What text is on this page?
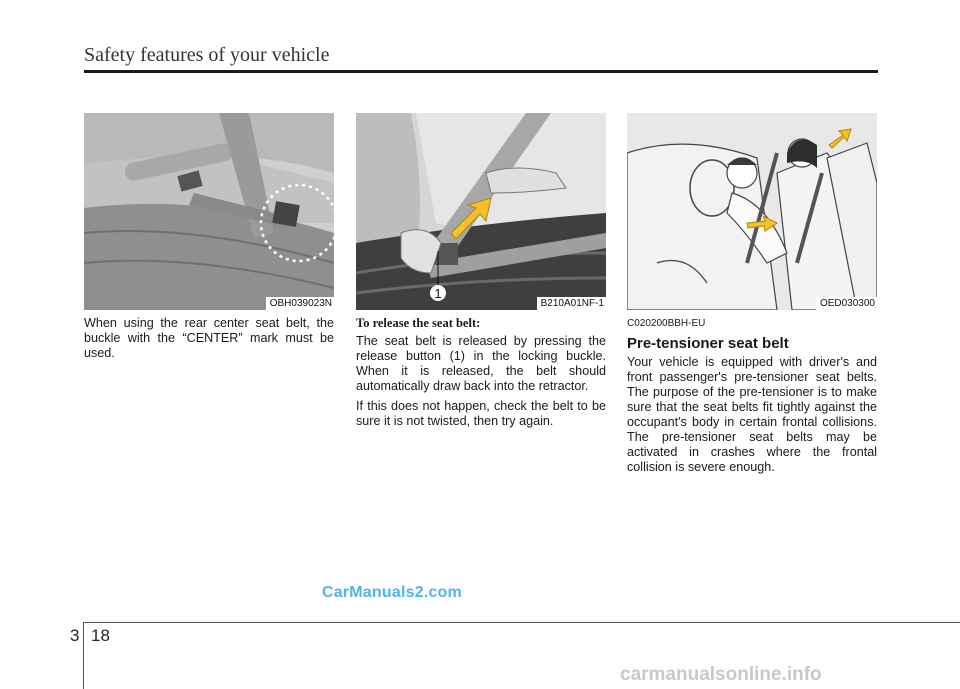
Safety features of your vehicle
OBH039023N
1
B210A01NF-1	OED030300

When using the rear center seat belt, the buckle with the “CENTER” mark must be used.

To release the seat belt:

The seat belt is released by pressing the release button (1) in the locking buckle. When it is released, the belt should automatically draw back into the retractor.

If this does not happen, check the belt to be sure it is not twisted, then try again.

C020200BBH-EU
Pre-tensioner seat belt

Your vehicle is equipped with driver's and front passenger's pre-tensioner seat belts. The purpose of the pre-tensioner is to make sure that the seat belts fit tightly against the occupant's body in certain frontal collisions. The pre-tensioner seat belts may be activated in crashes where the frontal collision is severe enough.

CarManuals2.com
3 18
carmanualsonline.info
